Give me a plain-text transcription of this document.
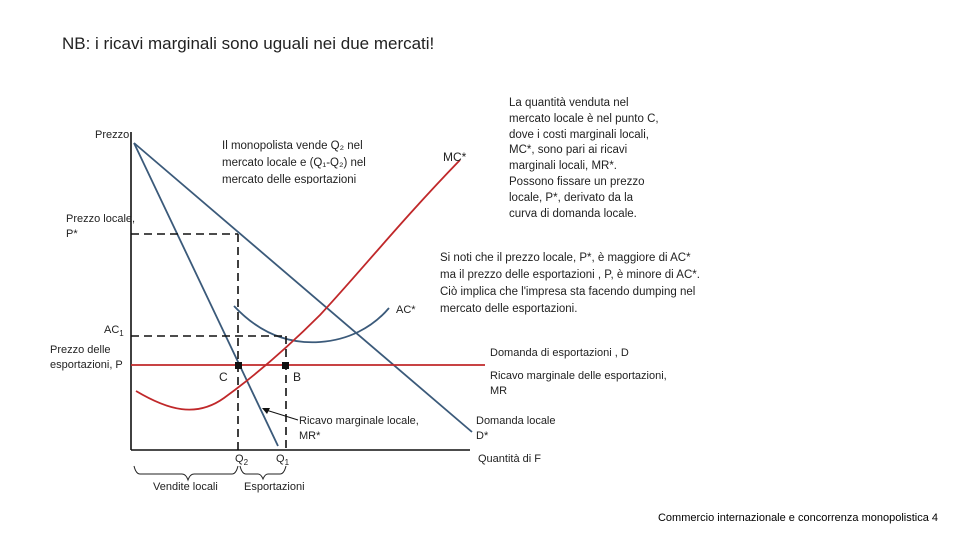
NB: i ricavi marginali sono uguali nei due mercati!
Prezzo
Quantità di F
Prezzo locale,
P*
$AC_1$
Prezzo delle
esportazioni, P
$Q_2$	$Q_1$
C	B
MC*
AC*
Domanda di esportazioni , D
Ricavo marginale delle esportazioni,
MR
Ricavo marginale locale,
MR*
Domanda locale
D*
Vendite locali Esportazioni
Il monopolista vende Q₂ nel
mercato locale e (Q₁-Q₂) nel
mercato delle esportazioni
La quantità venduta nel
mercato locale è nel punto C,
dove i costi marginali locali,
MC*, sono pari ai ricavi
marginali locali, MR*.
Possono fissare un prezzo
locale, P*, derivato da la
curva di domanda locale.
Si noti che il prezzo locale, P*, è maggiore di AC*
ma il prezzo delle esportazioni , P, è minore di AC*.
Ciò implica che l'impresa sta facendo dumping nel
mercato delle esportazioni.
Commercio internazionale e concorrenza monopolistica 4
